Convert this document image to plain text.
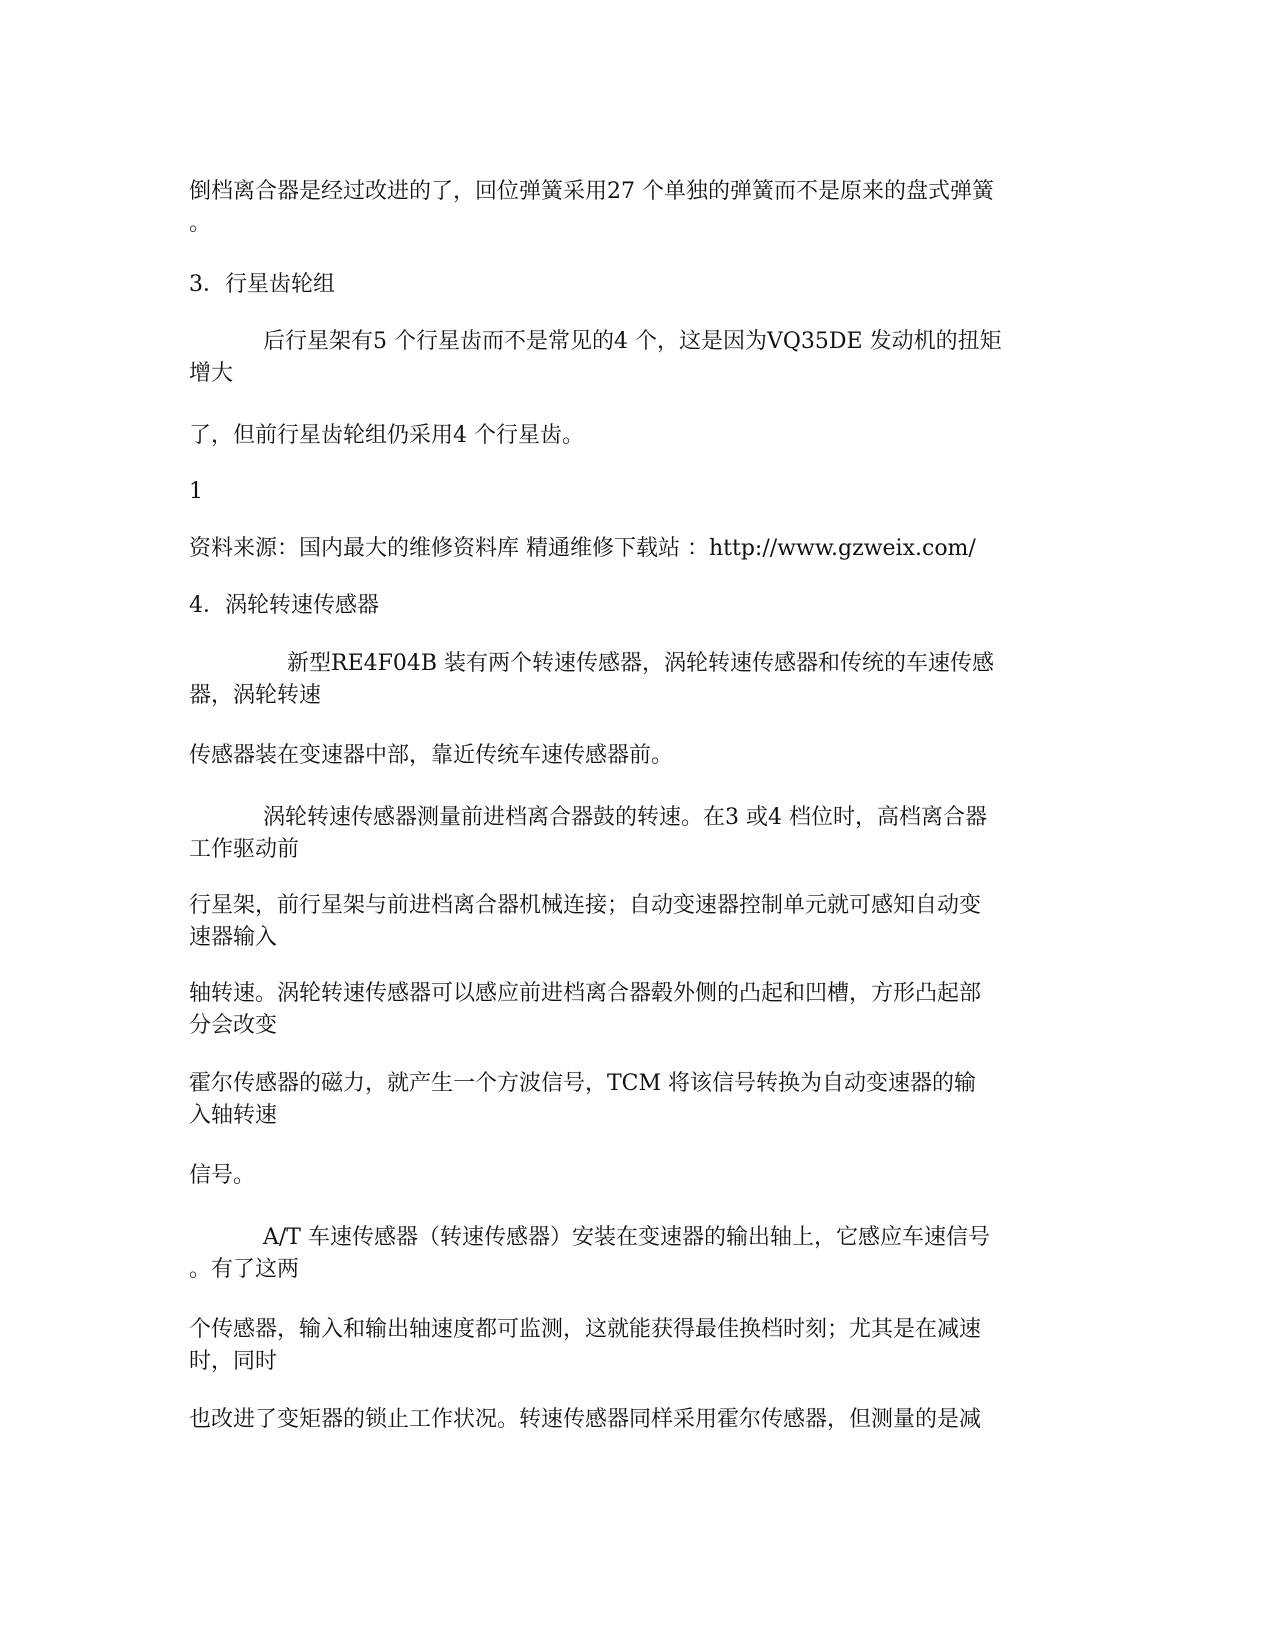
倒档离合器是经过改进的了，回位弹簧采用27 个单独的弹簧而不是原来的盘式弹簧
。
3．行星齿轮组
后行星架有5 个行星齿而不是常见的4 个，这是因为VQ35DE 发动机的扭矩
增大
了，但前行星齿轮组仍采用4 个行星齿。
1
资料来源：国内最大的维修资料库 精通维修下载站 ：http://www.gzweix.com/
4．涡轮转速传感器
新型RE4F04B 装有两个转速传感器，涡轮转速传感器和传统的车速传感
器，涡轮转速
传感器装在变速器中部，靠近传统车速传感器前。
涡轮转速传感器测量前进档离合器鼓的转速。在3 或4 档位时，高档离合器
工作驱动前
行星架，前行星架与前进档离合器机械连接；自动变速器控制单元就可感知自动变
速器输入
轴转速。涡轮转速传感器可以感应前进档离合器毂外侧的凸起和凹槽，方形凸起部
分会改变
霍尔传感器的磁力，就产生一个方波信号，TCM 将该信号转换为自动变速器的输
入轴转速
信号。
A/T 车速传感器（转速传感器）安装在变速器的输出轴上，它感应车速信号
。有了这两
个传感器，输入和输出轴速度都可监测，这就能获得最佳换档时刻；尤其是在减速
时，同时
也改进了变矩器的锁止工作状况。转速传感器同样采用霍尔传感器，但测量的是减
